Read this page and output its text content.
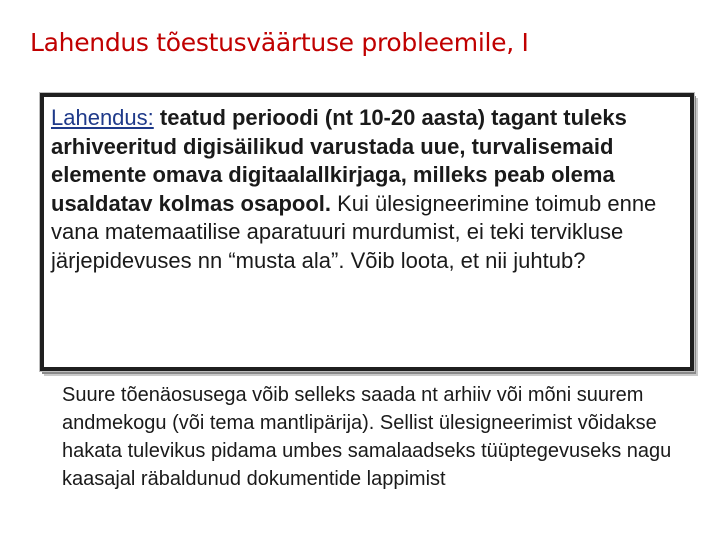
Lahendus tõestusväärtuse probleemile, I

Lahendus: teatud perioodi (nt 10-20 aasta) tagant tuleks arhiveeritud digisäilikud varustada uue, turvalisemaid elemente omava digitaalallkirjaga, milleks peab olema usaldatav kolmas osapool. Kui ülesigneerimine toimub enne vana matemaatilise aparatuuri murdumist, ei teki tervikluse järjepidevuses nn “musta ala”. Võib loota, et nii juhtub?

Suure tõenäosusega võib selleks saada nt arhiiv või mõni suurem andmekogu (või tema mantlipärija). Sellist ülesigneerimist võidakse hakata tulevikus pidama umbes samalaadseks tüüptegevuseks nagu kaasajal räbaldunud dokumentide lappimist
